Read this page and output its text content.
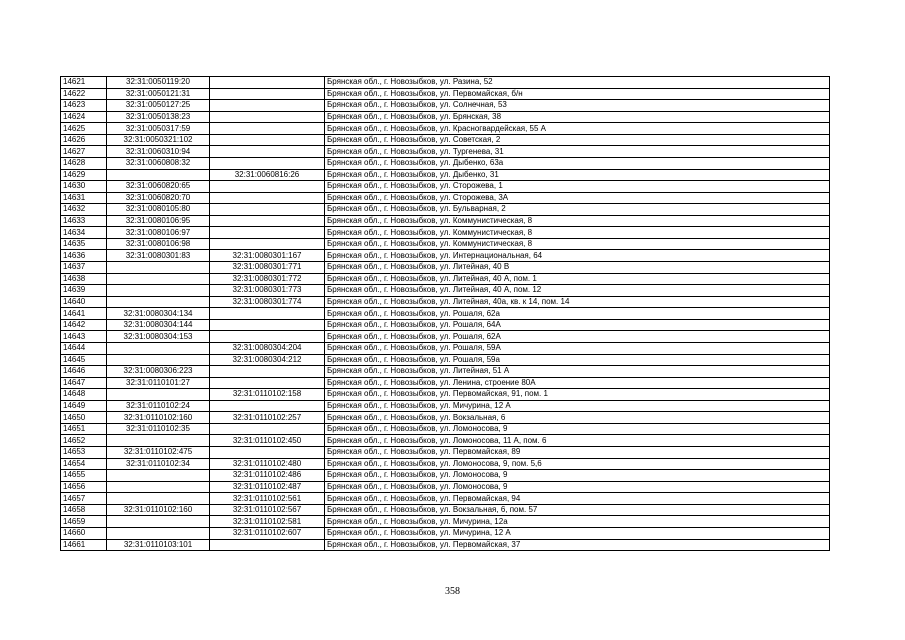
14621	32:31:0050119:20		Брянская обл., г. Новозыбков, ул. Разина, 52
14622	32:31:0050121:31		Брянская обл., г. Новозыбков, ул. Первомайская, б/н
14623	32:31:0050127:25		Брянская обл., г. Новозыбков, ул. Солнечная, 53
14624	32:31:0050138:23		Брянская обл., г. Новозыбков, ул. Брянская, 38
14625	32:31:0050317:59		Брянская обл., г. Новозыбков, ул. Красногвардейская, 55 А
14626	32:31:0050321:102		Брянская обл., г. Новозыбков, ул. Советская, 2
14627	32:31:0060310:94		Брянская обл., г. Новозыбков, ул. Тургенева, 31
14628	32:31:0060808:32		Брянская обл., г. Новозыбков, ул. Дыбенко, 63а
14629		32:31:0060816:26	Брянская обл., г. Новозыбков, ул. Дыбенко, 31
14630	32:31:0060820:65		Брянская обл., г. Новозыбков, ул. Сторожева, 1
14631	32:31:0060820:70		Брянская обл., г. Новозыбков, ул. Сторожева, 3А
14632	32:31:0080105:80		Брянская обл., г. Новозыбков, ул. Бульварная, 2
14633	32:31:0080106:95		Брянская обл., г. Новозыбков, ул. Коммунистическая, 8
14634	32:31:0080106:97		Брянская обл., г. Новозыбков, ул. Коммунистическая, 8
14635	32:31:0080106:98		Брянская обл., г. Новозыбков, ул. Коммунистическая, 8
14636	32:31:0080301:83	32:31:0080301:167	Брянская обл., г. Новозыбков, ул. Интернациональная, 64
14637		32:31:0080301:771	Брянская обл., г. Новозыбков, ул. Литейная, 40 В
14638		32:31:0080301:772	Брянская обл., г. Новозыбков, ул. Литейная, 40 А, пом. 1
14639		32:31:0080301:773	Брянская обл., г. Новозыбков, ул. Литейная, 40 А, пом. 12
14640		32:31:0080301:774	Брянская обл., г. Новозыбков, ул. Литейная, 40а, кв. к 14, пом. 14
14641	32:31:0080304:134		Брянская обл., г. Новозыбков, ул. Рошаля, 62а
14642	32:31:0080304:144		Брянская обл., г. Новозыбков, ул. Рошаля, 64А
14643	32:31:0080304:153		Брянская обл., г. Новозыбков, ул. Рошаля, 62А
14644		32:31:0080304:204	Брянская обл., г. Новозыбков, ул. Рошаля, 59А
14645		32:31:0080304:212	Брянская обл., г. Новозыбков, ул. Рошаля, 59а
14646	32:31:0080306:223		Брянская обл., г. Новозыбков, ул. Литейная, 51 А
14647	32:31:0110101:27		Брянская обл., г. Новозыбков, ул. Ленина, строение 80А
14648		32:31:0110102:158	Брянская обл., г. Новозыбков, ул. Первомайская, 91, пом. 1
14649	32:31:0110102:24		Брянская обл., г. Новозыбков, ул. Мичурина, 12 А
14650	32:31:0110102:160	32:31:0110102:257	Брянская обл., г. Новозыбков, ул. Вокзальная, 6
14651	32:31:0110102:35		Брянская обл., г. Новозыбков, ул. Ломоносова, 9
14652		32:31:0110102:450	Брянская обл., г. Новозыбков, ул. Ломоносова, 11 А, пом. 6
14653	32:31:0110102:475		Брянская обл., г. Новозыбков, ул. Первомайская, 89
14654	32:31:0110102:34	32:31:0110102:480	Брянская обл., г. Новозыбков, ул. Ломоносова, 9, пом. 5,6
14655		32:31:0110102:486	Брянская обл., г. Новозыбков, ул. Ломоносова, 9
14656		32:31:0110102:487	Брянская обл., г. Новозыбков, ул. Ломоносова, 9
14657		32:31:0110102:561	Брянская обл., г. Новозыбков, ул. Первомайская, 94
14658	32:31:0110102:160	32:31:0110102:567	Брянская обл., г. Новозыбков, ул. Вокзальная, 6, пом. 57
14659		32:31:0110102:581	Брянская обл., г. Новозыбков, ул. Мичурина, 12а
14660		32:31:0110102:607	Брянская обл., г. Новозыбков, ул. Мичурина, 12 А
14661	32:31:0110103:101		Брянская обл., г. Новозыбков, ул. Первомайская, 37
358
